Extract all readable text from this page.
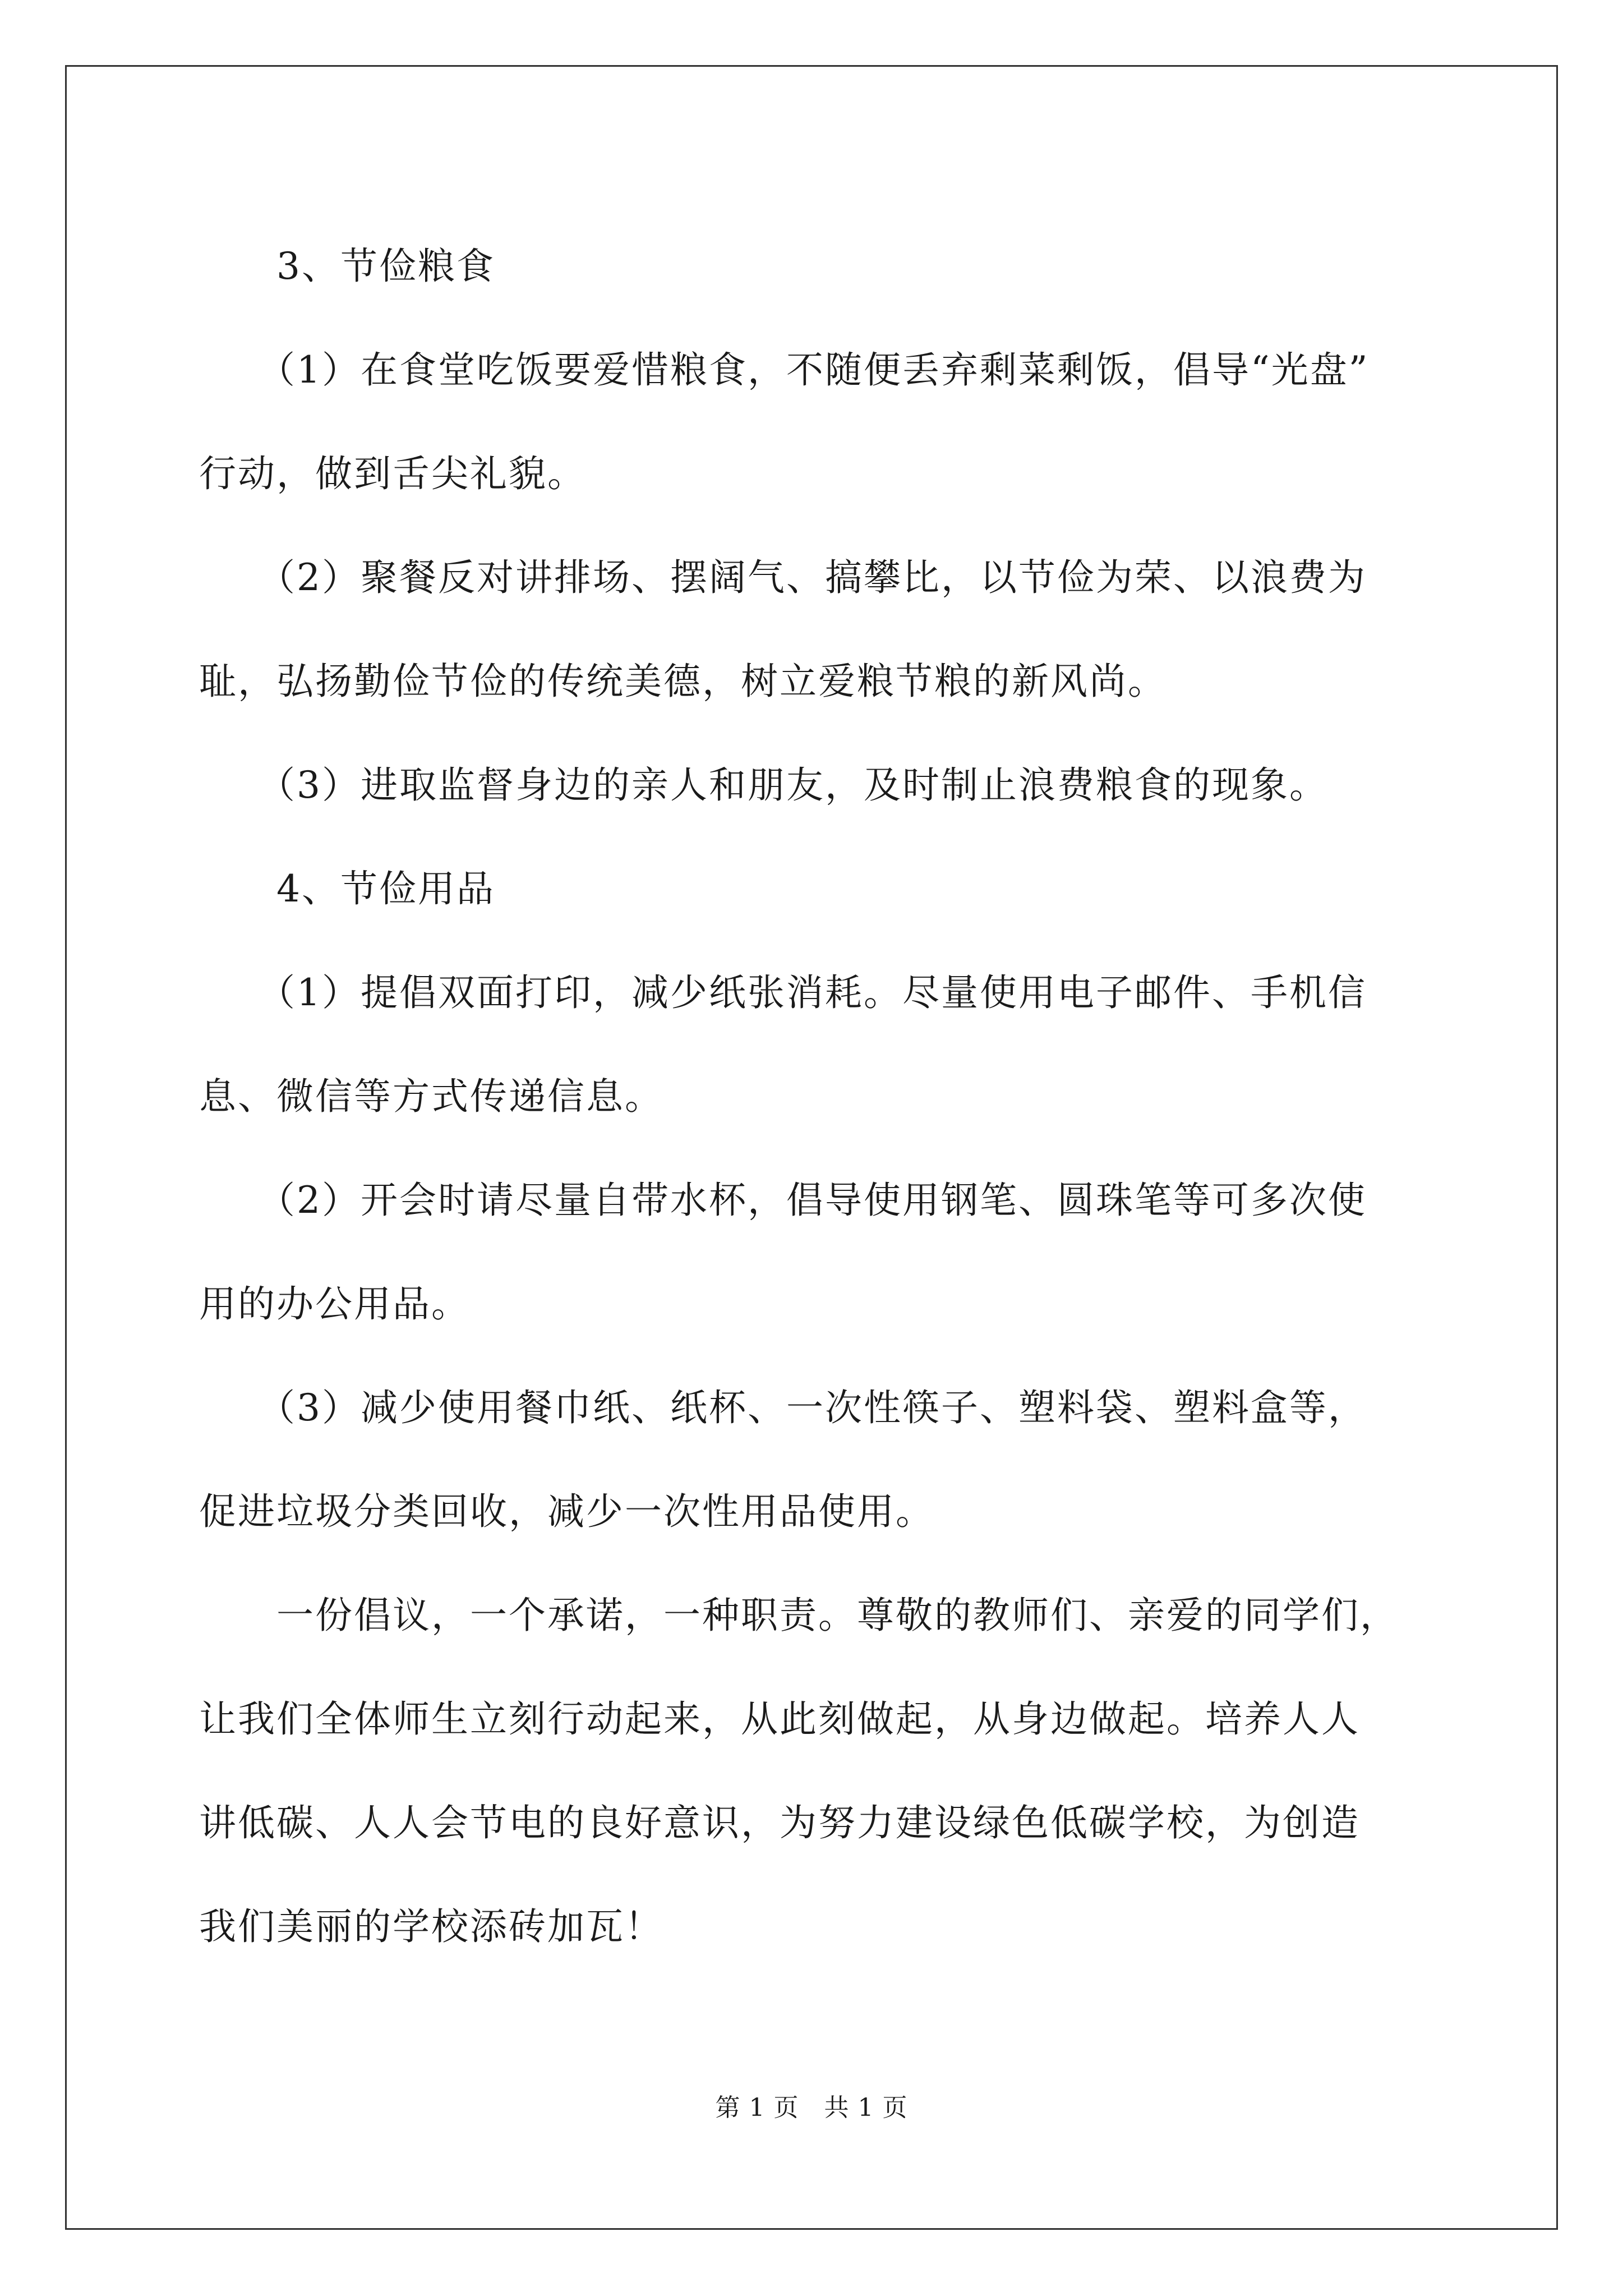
　　3、节俭粮食

　　（1）在食堂吃饭要爱惜粮食，不随便丢弃剩菜剩饭，倡导“光盘”

行动，做到舌尖礼貌。

　　（2）聚餐反对讲排场、摆阔气、搞攀比，以节俭为荣、以浪费为

耻，弘扬勤俭节俭的传统美德，树立爱粮节粮的新风尚。

　　（3）进取监督身边的亲人和朋友，及时制止浪费粮食的现象。

　　4、节俭用品

　　（1）提倡双面打印，减少纸张消耗。尽量使用电子邮件、手机信

息、微信等方式传递信息。

　　（2）开会时请尽量自带水杯，倡导使用钢笔、圆珠笔等可多次使

用的办公用品。

　　（3）减少使用餐巾纸、纸杯、一次性筷子、塑料袋、塑料盒等，

促进垃圾分类回收，减少一次性用品使用。

　　一份倡议，一个承诺，一种职责。尊敬的教师们、亲爱的同学们，

让我们全体师生立刻行动起来，从此刻做起，从身边做起。培养人人

讲低碳、人人会节电的良好意识，为努力建设绿色低碳学校，为创造

我们美丽的学校添砖加瓦！

第 1 页　共 1 页
